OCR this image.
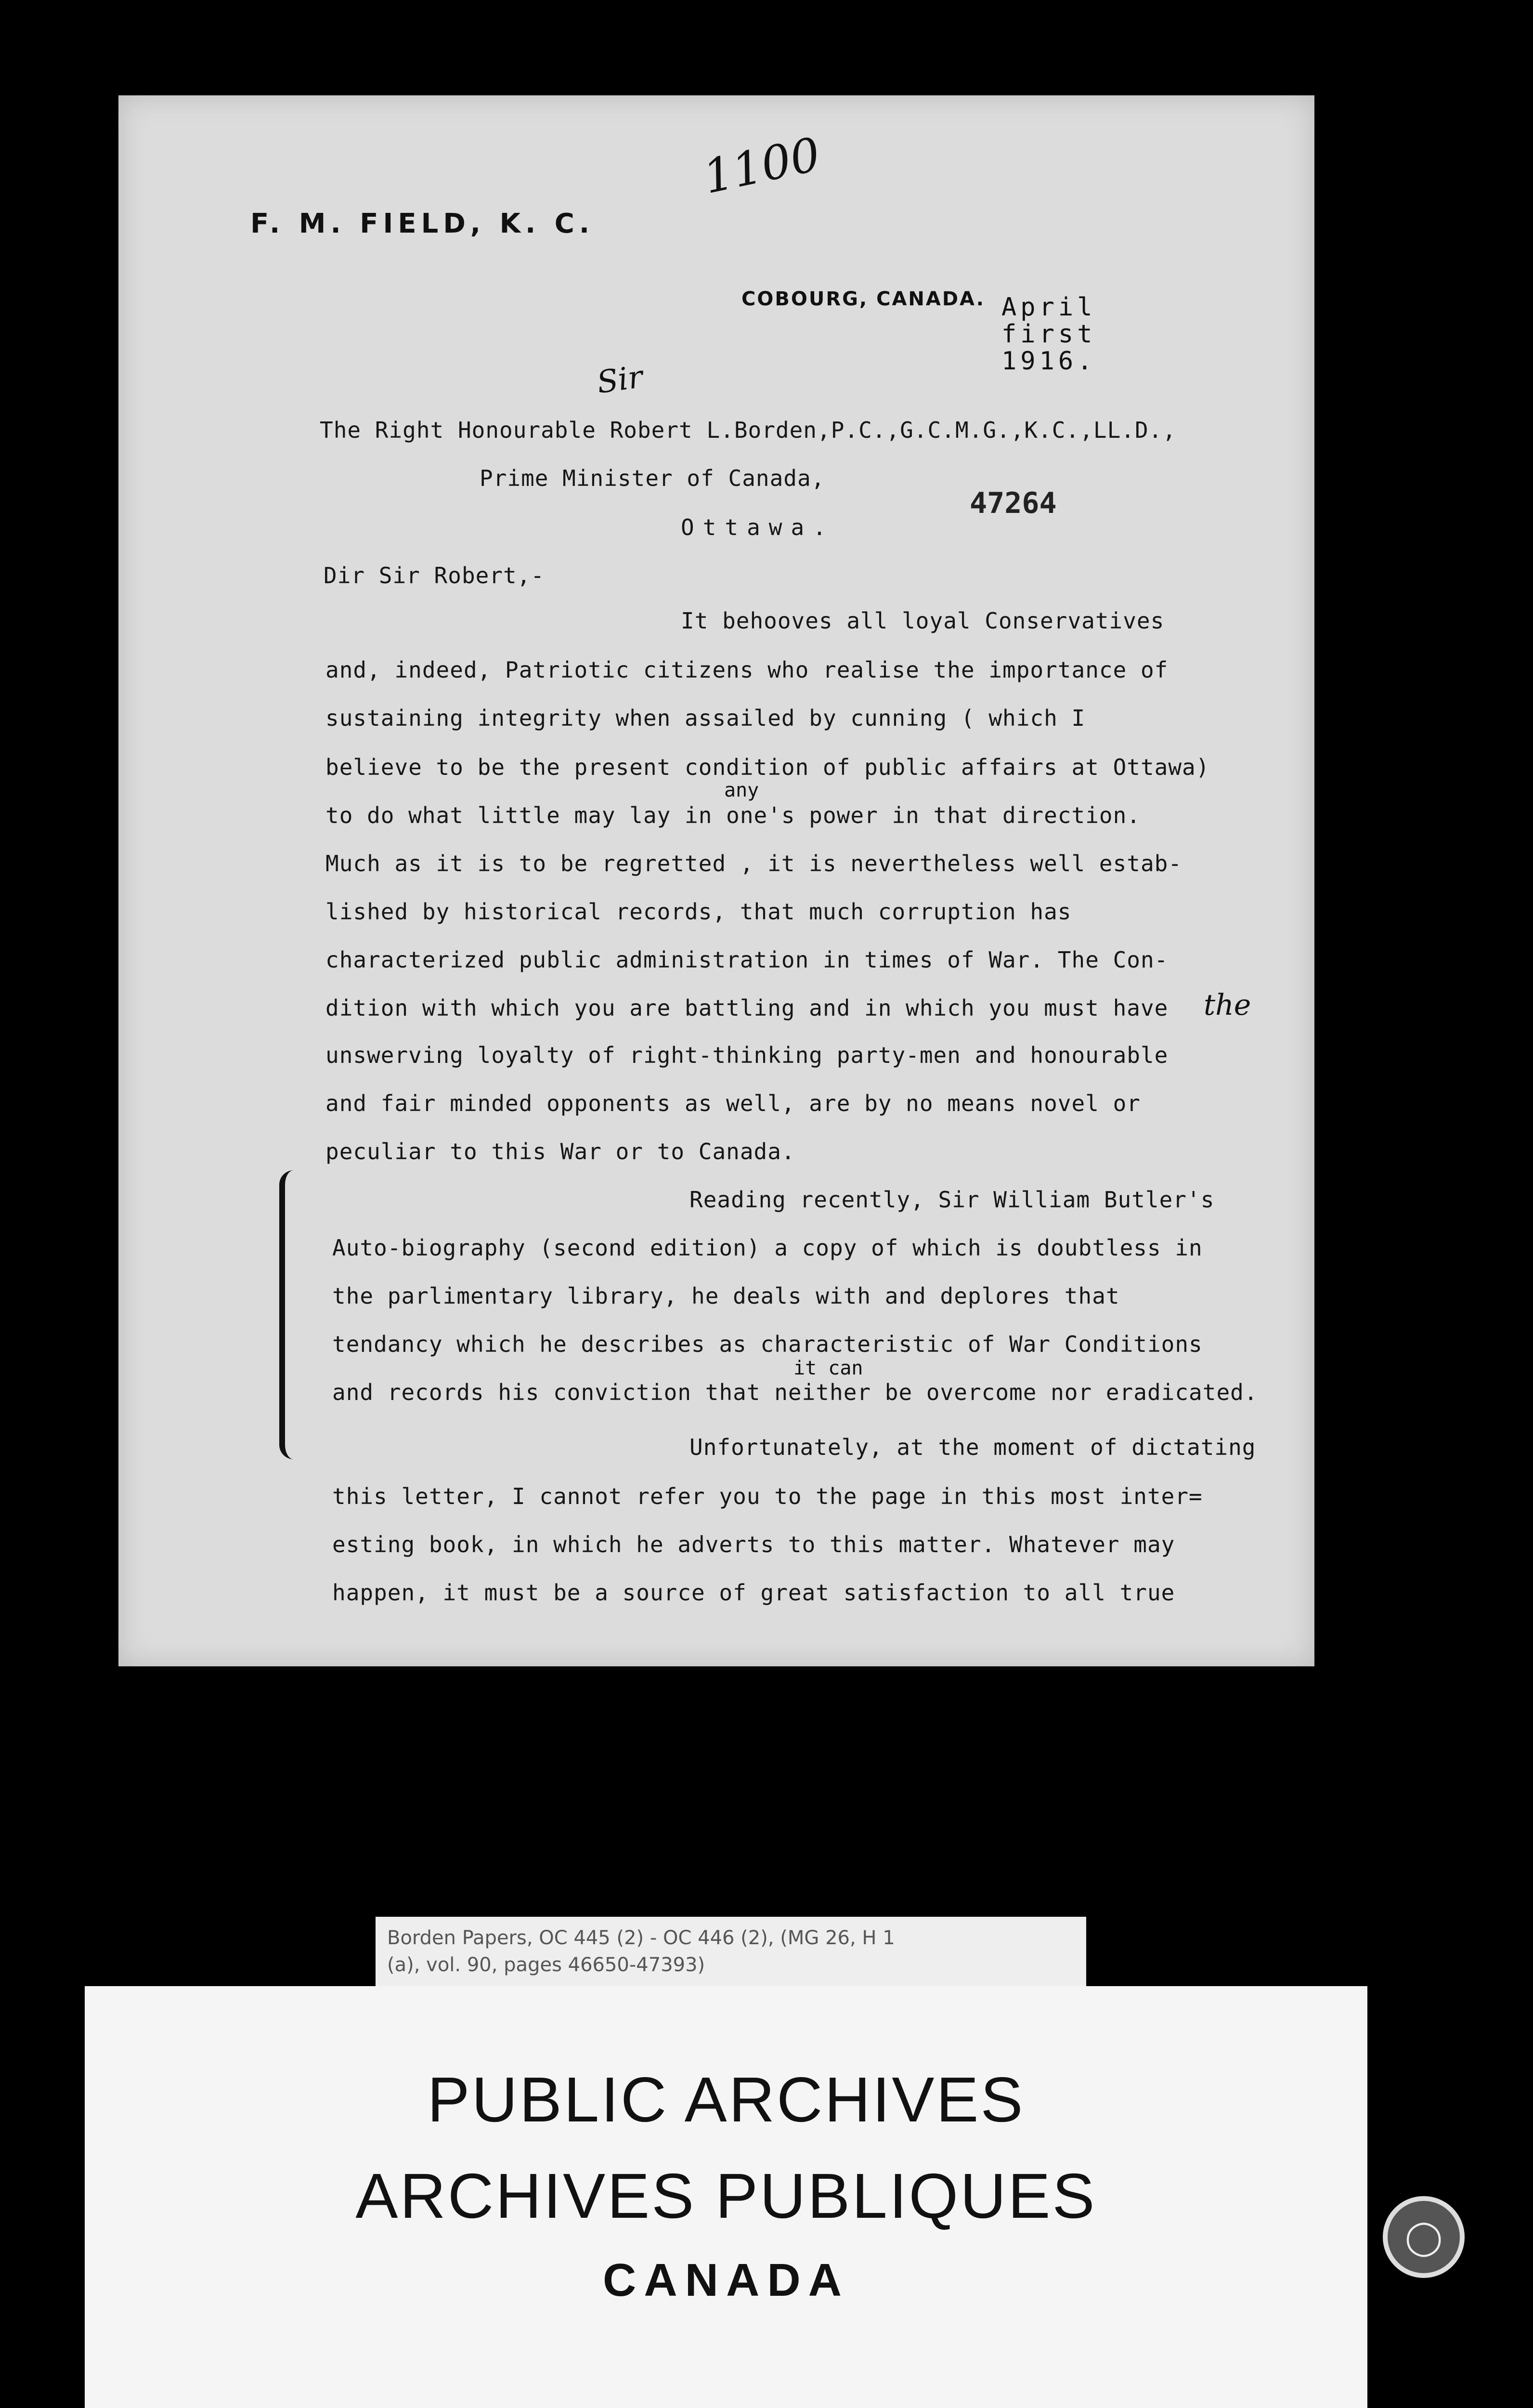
F. M. FIELD, K. C.
1100
COBOURG, CANADA. April
first
1916.
Sir
The Right Honourable Robert L.Borden,P.C.,G.C.M.G.,K.C.,LL.D.,
Prime Minister of Canada,
Ottawa.
47264
Dir Sir Robert,-
It behooves all loyal Conservatives
and, indeed, Patriotic citizens who realise the importance of
sustaining integrity when assailed by cunning ( which I
believe to be the present condition of public affairs at Ottawa)
any
to do what little may lay in one's power in that direction.
Much as it is to be regretted , it is nevertheless well estab-
lished by historical records, that much corruption has
characterized public administration in times of War. The Con-
dition with which you are battling and in which you must have the
unswerving loyalty of right-thinking party-men and honourable
and fair minded opponents as well, are by no means novel or
peculiar to this War or to Canada.
Reading recently, Sir William Butler's
Auto-biography (second edition) a copy of which is doubtless in
the parlimentary library, he deals with and deplores that
tendancy which he describes as characteristic of War Conditions
it can
and records his conviction that neither be overcome nor eradicated.
Unfortunately, at the moment of dictating
this letter, I cannot refer you to the page in this most inter=
esting book, in which he adverts to this matter. Whatever may
happen, it must be a source of great satisfaction to all true
Borden Papers, OC 445 (2) - OC 446 (2), (MG 26, H 1
(a), vol. 90, pages 46650-47393)
PUBLIC ARCHIVES
ARCHIVES PUBLIQUES
CANADA
◯
